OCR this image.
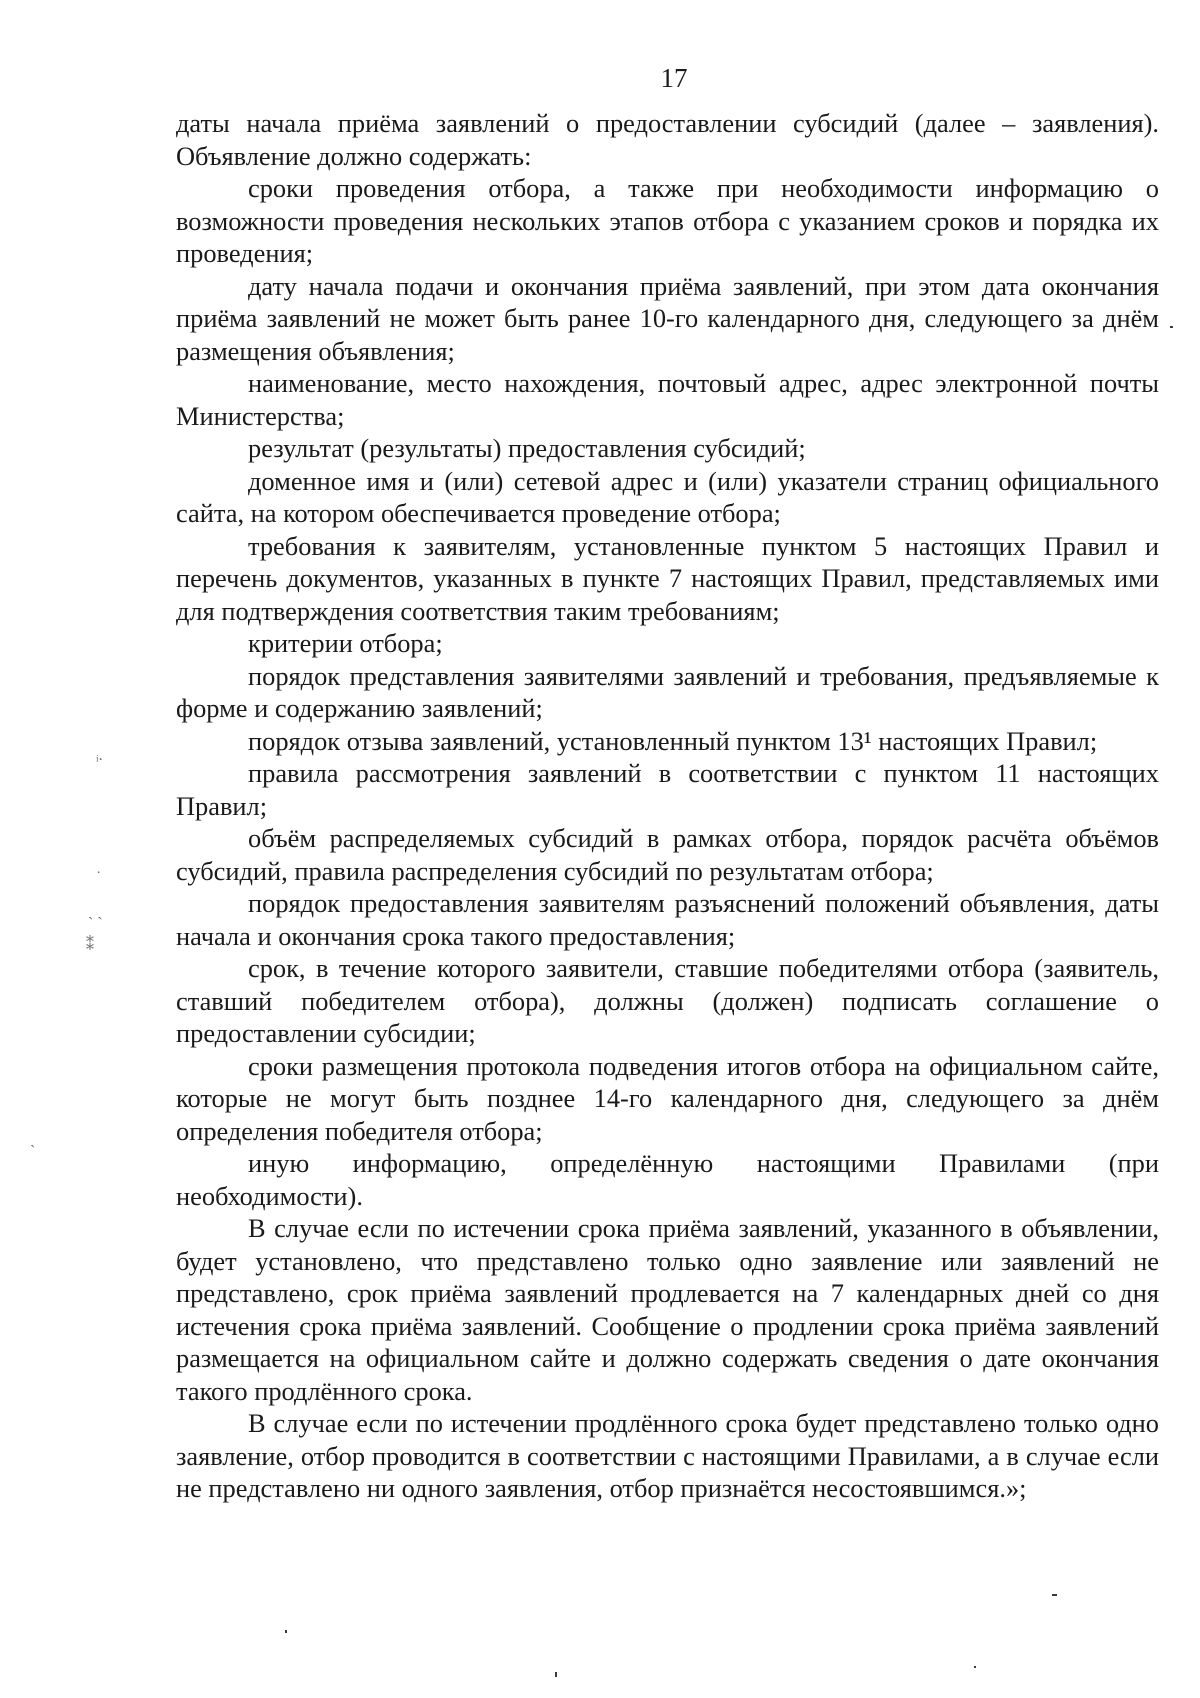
17

даты начала приёма заявлений о предоставлении субсидий (далее – заявления). Объявление должно содержать:

сроки проведения отбора, а также при необходимости информацию о возможности проведения нескольких этапов отбора с указанием сроков и порядка их проведения;

дату начала подачи и окончания приёма заявлений, при этом дата окончания приёма заявлений не может быть ранее 10-го календарного дня, следующего за днём размещения объявления;

наименование, место нахождения, почтовый адрес, адрес электронной почты Министерства;

результат (результаты) предоставления субсидий;

доменное имя и (или) сетевой адрес и (или) указатели страниц официального сайта, на котором обеспечивается проведение отбора;

требования к заявителям, установленные пунктом 5 настоящих Правил и перечень документов, указанных в пункте 7 настоящих Правил, представляемых ими для подтверждения соответствия таким требованиям;

критерии отбора;

порядок представления заявителями заявлений и требования, предъявляемые к форме и содержанию заявлений;

порядок отзыва заявлений, установленный пунктом 13¹ настоящих Правил;

правила рассмотрения заявлений в соответствии с пунктом 11 настоящих Правил;

объём распределяемых субсидий в рамках отбора, порядок расчёта объёмов субсидий, правила распределения субсидий по результатам отбора;

порядок предоставления заявителям разъяснений положений объявления, даты начала и окончания срока такого предоставления;

срок, в течение которого заявители, ставшие победителями отбора (заявитель, ставший победителем отбора), должны (должен) подписать соглашение о предоставлении субсидии;

сроки размещения протокола подведения итогов отбора на официальном сайте, которые не могут быть позднее 14-го календарного дня, следующего за днём определения победителя отбора;

иную информацию, определённую настоящими Правилами (при необходимости).

В случае если по истечении срока приёма заявлений, указанного в объявлении, будет установлено, что представлено только одно заявление или заявлений не представлено, срок приёма заявлений продлевается на 7 календарных дней со дня истечения срока приёма заявлений. Сообщение о продлении срока приёма заявлений размещается на официальном сайте и должно содержать сведения о дате окончания такого продлённого срока.

В случае если по истечении продлённого срока будет представлено только одно заявление, отбор проводится в соответствии с настоящими Правилами, а в случае если не представлено ни одного заявления, отбор признаётся несостоявшимся.»;

ᵢ.
˙
ˎ ˏ
⁑
ˏ
